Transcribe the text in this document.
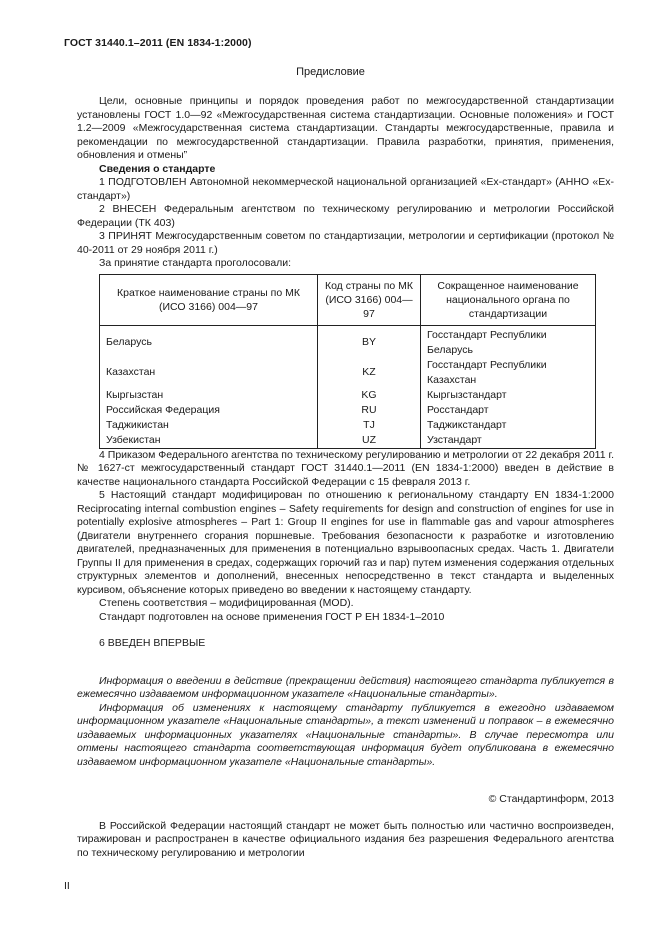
ГОСТ 31440.1–2011 (EN 1834-1:2000)
Предисловие

Цели, основные принципы и порядок проведения работ по межгосударственной стандартизации установлены ГОСТ 1.0—92 «Межгосударственная система стандартизации. Основные положения» и ГОСТ 1.2—2009 «Межгосударственная система стандартизации. Стандарты межгосударственные, правила и рекомендации по межгосударственной стандартизации. Правила разработки, принятия, применения, обновления и отмены”

Сведения о стандарте

1 ПОДГОТОВЛЕН Автономной некоммерческой национальной организацией «Ех-стандарт» (АННО «Ех-стандарт»)

2 ВНЕСЕН Федеральным агентством по техническому регулированию и метрологии Российской Федерации (ТК 403)

3 ПРИНЯТ Межгосударственным советом по стандартизации, метрологии и сертификации (протокол № 40-2011 от 29 ноября 2011 г.)

За принятие стандарта проголосовали:

Краткое наименование страны по МК (ИСО 3166) 004—97	Код страны по МК (ИСО 3166) 004—97	Сокращенное наименование национального органа по стандартизации
Беларусь	BY	Госстандарт Республики Беларусь
Казахстан	KZ	Госстандарт Республики Казахстан
Кыргызстан	KG	Кыргызстандарт
Российская Федерация	RU	Росстандарт
Таджикистан	TJ	Таджикстандарт
Узбекистан	UZ	Узстандарт

4 Приказом Федерального агентства по техническому регулированию и метрологии от 22 декабря 2011 г. № 1627-ст межгосударственный стандарт ГОСТ 31440.1—2011 (EN 1834-1:2000) введен в действие в качестве национального стандарта Российской Федерации с 15 февраля 2013 г.

5 Настоящий стандарт модифицирован по отношению к региональному стандарту EN 1834-1:2000 Reciprocating internal combustion engines – Safety requirements for design and construction of engines for use in potentially explosive atmospheres – Part 1: Group II engines for use in flammable gas and vapour atmospheres (Двигатели внутреннего сгорания поршневые. Требования безопасности к разработке и изготовлению двигателей, предназначенных для применения в потенциально взрывоопасных средах. Часть 1. Двигатели Группы II для применения в средах, содержащих горючий газ и пар) путем изменения содержания отдельных структурных элементов и дополнений, внесенных непосредственно в текст стандарта и выделенных курсивом, объяснение которых приведено во введении к настоящему стандарту.

Степень соответствия – модифицированная (MOD).

Стандарт подготовлен на основе применения ГОСТ Р ЕН 1834-1–2010

6 ВВЕДЕН ВПЕРВЫЕ

Информация о введении в действие (прекращении действия) настоящего стандарта публикуется в ежемесячно издаваемом информационном указателе «Национальные стандарты».

Информация об изменениях к настоящему стандарту публикуется в ежегодно издаваемом информационном указателе «Национальные стандарты», а текст изменений и поправок – в ежемесячно издаваемых информационных указателях «Национальные стандарты». В случае пересмотра или отмены настоящего стандарта соответствующая информация будет опубликована в ежемесячно издаваемом информационном указателе «Национальные стандарты».

© Стандартинформ, 2013

В Российской Федерации настоящий стандарт не может быть полностью или частично воспроизведен, тиражирован и распространен в качестве официального издания без разрешения Федерального агентства по техническому регулированию и метрологии

II
